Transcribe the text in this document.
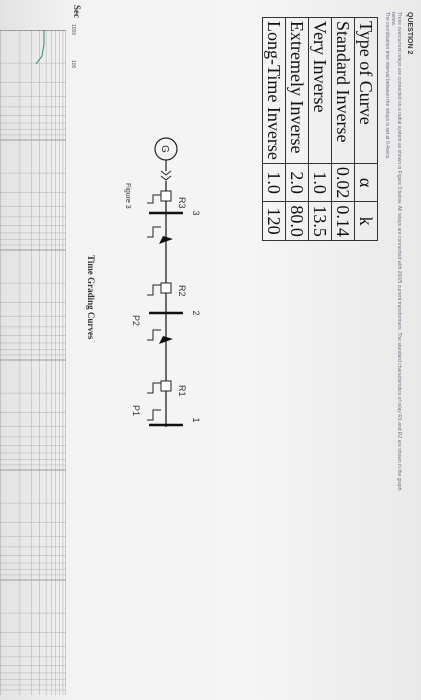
QUESTION 2
Three overcurrent relays are connected on a radial system as shown in Figure 3 below. All relays are connected with 200/5 current transformers. The standard characteristics of relay R1 and R2 are shown in the graph
below.
The coordination time interval between the relays is set at 0.4secs.
Type of Curve	α	k
Standard Inverse	0.02	0.14
Very Inverse	1.0	13.5
Extremely Inverse	2.0	80.0
Long-Time Inverse	1.0	120
G
3
2
1
R3
R2
R1
P2
P1
Figure 3
Time Grading Curves
Sec
1000
100
